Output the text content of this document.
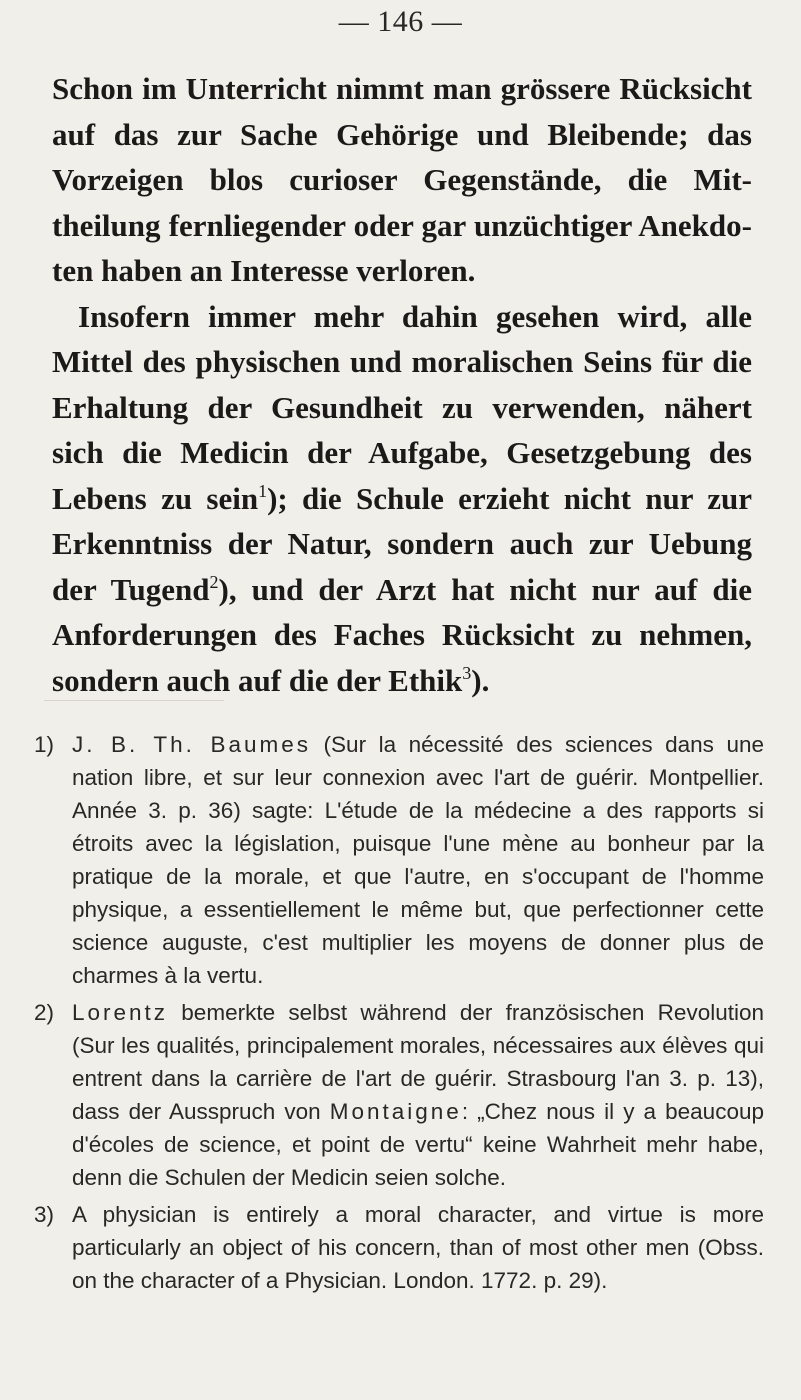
— 146 —

Schon im Unterricht nimmt man grössere Rücksicht auf das zur Sache Gehörige und Bleibende; das Vorzeigen blos curioser Gegenstände, die Mittheilung fernliegender oder gar unzüchtiger Anekdoten haben an Interesse verloren.

Insofern immer mehr dahin gesehen wird, alle Mittel des physischen und moralischen Seins für die Erhaltung der Gesundheit zu verwenden, nähert sich die Medicin der Aufgabe, Gesetzgebung des Lebens zu sein$^1$); die Schule erzieht nicht nur zur Erkenntniss der Natur, sondern auch zur Uebung der Tugend$^2$), und der Arzt hat nicht nur auf die Anforderungen des Faches Rücksicht zu nehmen, sondern auch auf die der Ethik$^3$).

1) J. B. Th. Baumes (Sur la nécessité des sciences dans une nation libre, et sur leur connexion avec l'art de guérir. Montpellier. Année 3. p. 36) sagte: L'étude de la médecine a des rapports si étroits avec la législation, puisque l'une mène au bonheur par la pratique de la morale, et que l'autre, en s'occupant de l'homme physique, a essentiellement le même but, que perfectionner cette science auguste, c'est multiplier les moyens de donner plus de charmes à la vertu.
2) Lorentz bemerkte selbst während der französischen Revolution (Sur les qualités, principalement morales, nécessaires aux élèves qui entrent dans la carrière de l'art de guérir. Strasbourg l'an 3. p. 13), dass der Ausspruch von Montaigne: „Chez nous il y a beaucoup d'écoles de science, et point de vertu“ keine Wahrheit mehr habe, denn die Schulen der Medicin seien solche.
3) A physician is entirely a moral character, and virtue is more particularly an object of his concern, than of most other men (Obss. on the character of a Physician. London. 1772. p. 29).
